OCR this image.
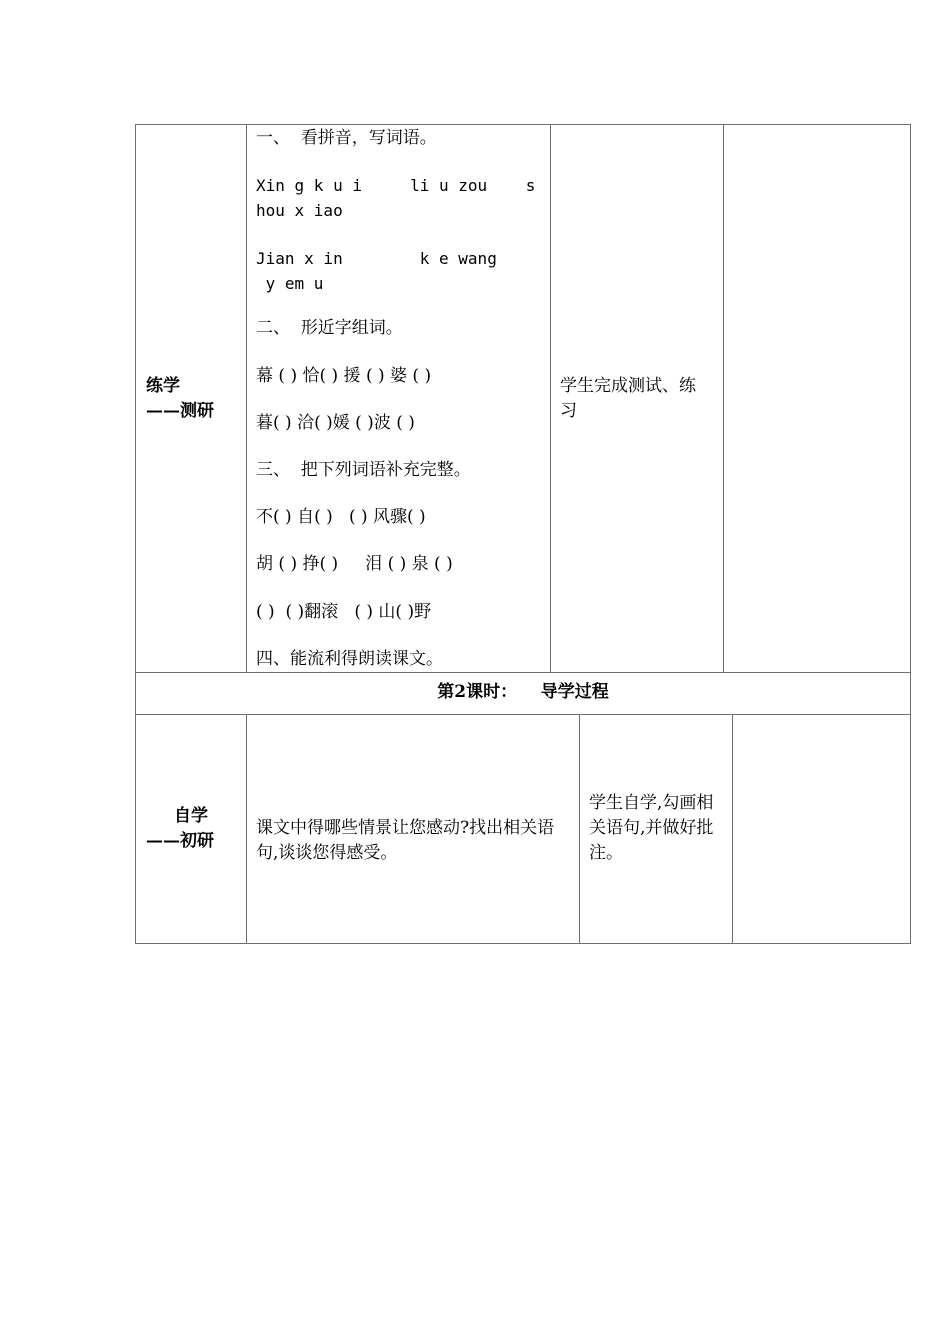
练学
——测研
一、  看拼音，写词语。
Xin g k u i     li u zou    s
hou x iao
Jian x in        k e wang
y em u
二、  形近字组词。
幕 ( ) 恰( ) 援 ( ) 婆 ( )
暮( ) 洽( )媛 ( )波 ( )
三、  把下列词语补充完整。
不( ) 自( )   ( ) 风骤( )
胡 ( ) 挣( )     泪 ( ) 泉 ( )
( )  ( )翻滚   ( ) 山( )野
四、能流利得朗读课文。
学生完成测试、练习
第2课时：    导学过程
自学
——初研
课文中得哪些情景让您感动?找出相关语句,谈谈您得感受。
学生自学,勾画相关语句,并做好批注。
